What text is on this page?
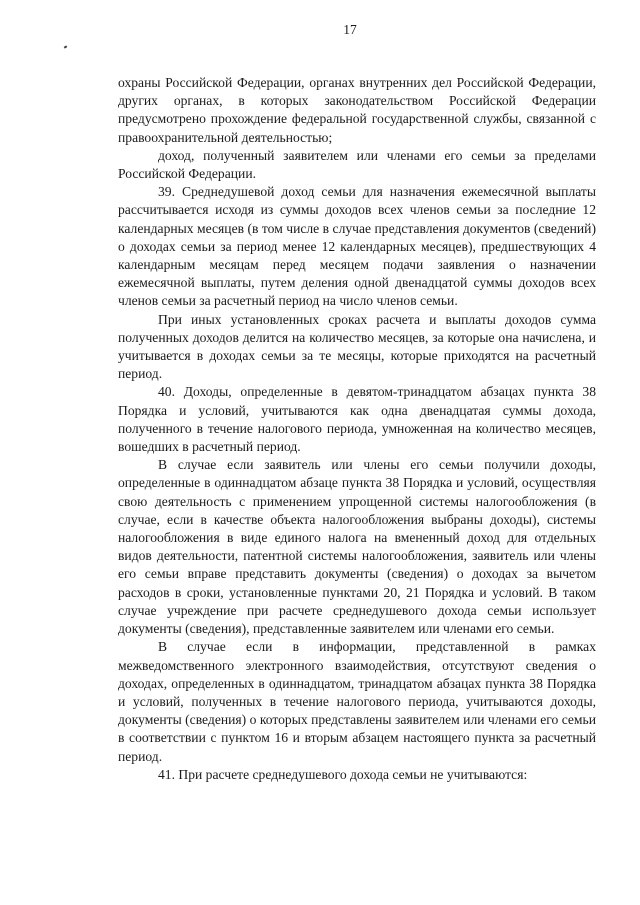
17

охраны Российской Федерации, органах внутренних дел Российской Федерации, других органах, в которых законодательством Российской Федерации предусмотрено прохождение федеральной государственной службы, связанной с правоохранительной деятельностью;

доход, полученный заявителем или членами его семьи за пределами Российской Федерации.

39. Среднедушевой доход семьи для назначения ежемесячной выплаты рассчитывается исходя из суммы доходов всех членов семьи за последние 12 календарных месяцев (в том числе в случае представления документов (сведений) о доходах семьи за период менее 12 календарных месяцев), предшествующих 4 календарным месяцам перед месяцем подачи заявления о назначении ежемесячной выплаты, путем деления одной двенадцатой суммы доходов всех членов семьи за расчетный период на число членов семьи.

При иных установленных сроках расчета и выплаты доходов сумма полученных доходов делится на количество месяцев, за которые она начислена, и учитывается в доходах семьи за те месяцы, которые приходятся на расчетный период.

40. Доходы, определенные в девятом-тринадцатом абзацах пункта 38 Порядка и условий, учитываются как одна двенадцатая суммы дохода, полученного в течение налогового периода, умноженная на количество месяцев, вошедших в расчетный период.

В случае если заявитель или члены его семьи получили доходы, определенные в одиннадцатом абзаце пункта 38 Порядка и условий, осуществляя свою деятельность с применением упрощенной системы налогообложения (в случае, если в качестве объекта налогообложения выбраны доходы), системы налогообложения в виде единого налога на вмененный доход для отдельных видов деятельности, патентной системы налогообложения, заявитель или члены его семьи вправе представить документы (сведения) о доходах за вычетом расходов в сроки, установленные пунктами 20, 21 Порядка и условий. В таком случае учреждение при расчете среднедушевого дохода семьи использует документы (сведения), представленные заявителем или членами его семьи.

В случае если в информации, представленной в рамках межведомственного электронного взаимодействия, отсутствуют сведения о доходах, определенных в одиннадцатом, тринадцатом абзацах пункта 38 Порядка и условий, полученных в течение налогового периода, учитываются доходы, документы (сведения) о которых представлены заявителем или членами его семьи в соответствии с пунктом 16 и вторым абзацем настоящего пункта за расчетный период.

41. При расчете среднедушевого дохода семьи не учитываются:
